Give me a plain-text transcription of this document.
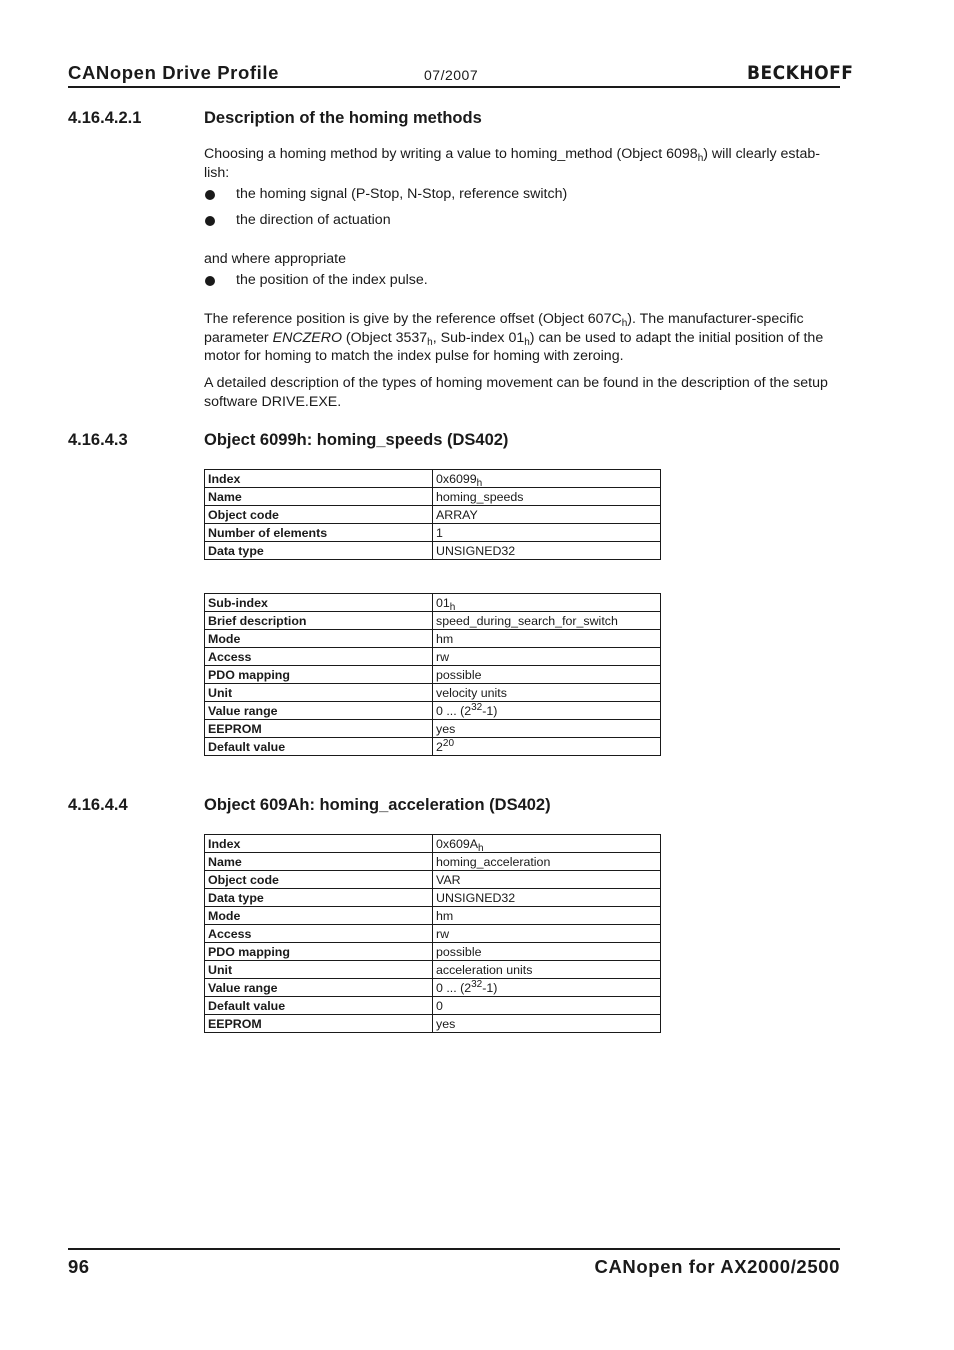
CANopen Drive Profile	07/2007	BECKHOFF
4.16.4.2.1	Description of the homing methods
Choosing a homing method by writing a value to homing_method (Object $6098_h$) will clearly estab-
lish:
the homing signal (P-Stop, N-Stop, reference switch)
the direction of actuation
and where appropriate
the position of the index pulse.
The reference position is give by the reference offset (Object $607C_h$). The manufacturer-specific
parameter ENCZERO (Object $3537_h$, Sub-index $01_h$) can be used to adapt the initial position of the
motor for homing to match the index pulse for homing with zeroing.
A detailed description of the types of homing movement can be found in the description of the setup
software DRIVE.EXE.
4.16.4.3	Object 6099h: homing_speeds (DS402)
Index	$0x6099_h$
Name	homing_speeds
Object code	ARRAY
Number of elements	1
Data type	UNSIGNED32
Sub-index	$01_h$
Brief description	speed_during_search_for_switch
Mode	hm
Access	rw
PDO mapping	possible
Unit	velocity units
Value range	0 ... $(2^{32}-1)$
EEPROM	yes
Default value	$2^{20}$
4.16.4.4	Object 609Ah: homing_acceleration (DS402)
Index	$0x609A_h$
Name	homing_acceleration
Object code	VAR
Data type	UNSIGNED32
Mode	hm
Access	rw
PDO mapping	possible
Unit	acceleration units
Value range	0 ... $(2^{32}-1)$
Default value	0
EEPROM	yes
96	CANopen for AX2000/2500
